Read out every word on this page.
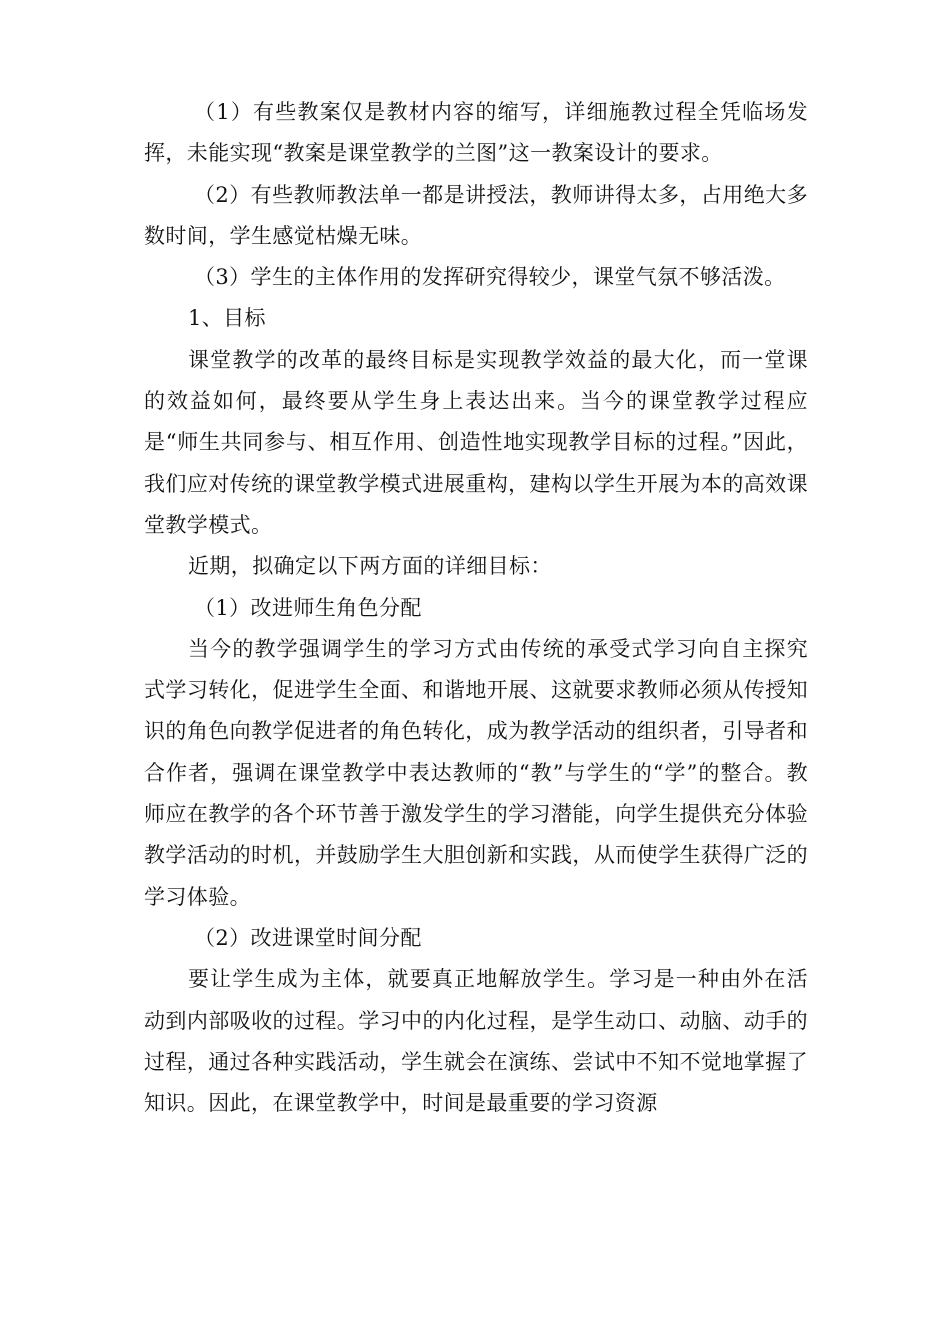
（1）有些教案仅是教材内容的缩写，详细施教过程全凭临场发挥，未能实现“教案是课堂教学的兰图”这一教案设计的要求。

（2）有些教师教法单一都是讲授法，教师讲得太多，占用绝大多数时间，学生感觉枯燥无味。

（3）学生的主体作用的发挥研究得较少，课堂气氛不够活泼。

1、目标

课堂教学的改革的最终目标是实现教学效益的最大化，而一堂课的效益如何，最终要从学生身上表达出来。当今的课堂教学过程应是“师生共同参与、相互作用、创造性地实现教学目标的过程。”因此，我们应对传统的课堂教学模式进展重构，建构以学生开展为本的高效课堂教学模式。

近期，拟确定以下两方面的详细目标：

（1）改进师生角色分配

当今的教学强调学生的学习方式由传统的承受式学习向自主探究式学习转化，促进学生全面、和谐地开展、这就要求教师必须从传授知识的角色向教学促进者的角色转化，成为教学活动的组织者，引导者和合作者，强调在课堂教学中表达教师的“教”与学生的“学”的整合。教师应在教学的各个环节善于激发学生的学习潜能，向学生提供充分体验教学活动的时机，并鼓励学生大胆创新和实践，从而使学生获得广泛的学习体验。

（2）改进课堂时间分配

要让学生成为主体，就要真正地解放学生。学习是一种由外在活动到内部吸收的过程。学习中的内化过程，是学生动口、动脑、动手的过程，通过各种实践活动，学生就会在演练、尝试中不知不觉地掌握了知识。因此，在课堂教学中，时间是最重要的学习资源
